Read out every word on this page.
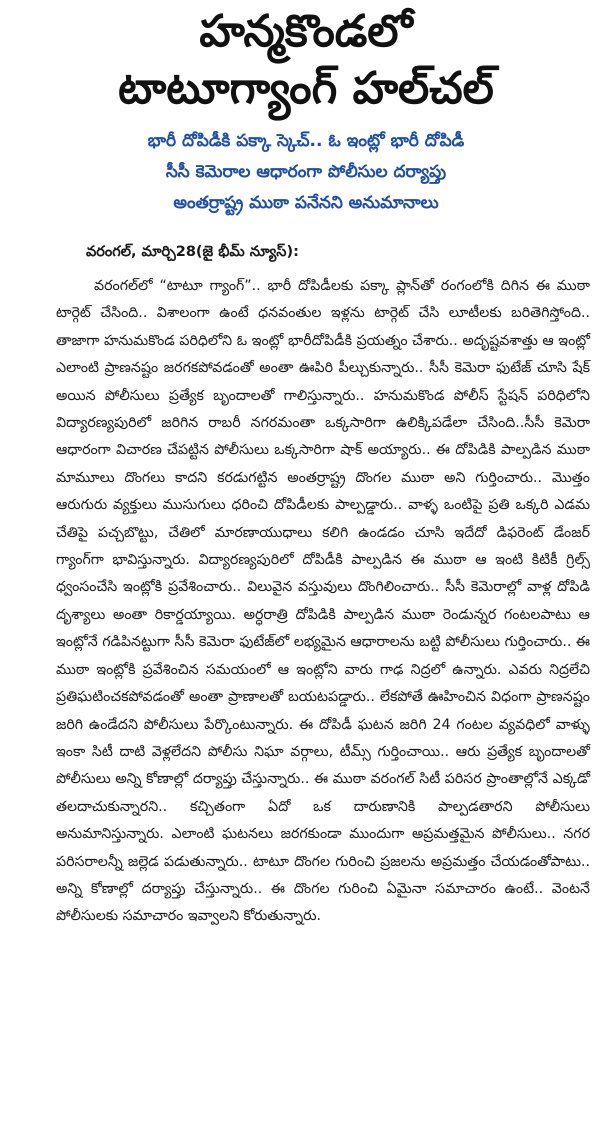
హన్మకొండలో
టాటూగ్యాంగ్ హల్‌చల్

భారీ దోపిడీకి పక్కా స్కెచ్.. ఓ ఇంట్లో భారీ దోపిడీ

సీసీ కెమెరాల ఆధారంగా పోలీసుల దర్యాప్తు

అంతర్రాష్ట్ర ముఠా పనేనని అనుమానాలు

వరంగల్, మార్చి28(జై భీమ్ న్యూస్):

వరంగల్‌లో “టాటూ గ్యాంగ్”.. భారీ దోపిడీలకు పక్కా ప్లాన్‌తో రంగంలోకి దిగిన ఈ ముఠా టార్గెట్ చేసింది.. విశాలంగా ఉంటే ధనవంతుల ఇళ్లను టార్గెట్ చేసి లూటీలకు బరితెగిస్తోంది.. తాజాగా హనుమకొండ పరిధిలోని ఓ ఇంట్లో భారీదోపిడీకి ప్రయత్నం చేశారు.. అదృష్టవశాత్తు ఆ ఇంట్లో ఎలాంటి ప్రాణనష్టం జరగకపోవడంతో అంతా ఊపిరి పీల్చుకున్నారు.. సీసీ కెమెరా ఫుటేజ్ చూసి షేక్ అయిన పోలీసులు ప్రత్యేక బృందాలతో గాలిస్తున్నారు.. హనుమకొండ పోలీస్ స్టేషన్ పరిధిలోని విద్యారణ్యపురిలో జరిగిన రాబరీ నగరమంతా ఒక్కసారిగా ఉలిక్కిపడేలా చేసింది..సీసీ కెమెరా ఆధారంగా విచారణ చేపట్టిన పోలీసులు ఒక్కసారిగా షాక్ అయ్యారు.. ఈ దోపిడికి పాల్పడిన ముఠా మామూలు దొంగలు కాదని కరడుగట్టిన అంతర్రాష్ట్ర దొంగల ముఠా అని గుర్తించారు.. మొత్తం ఆరుగురు వ్యక్తులు ముసుగులు ధరించి దోపిడీలకు పాల్పడ్డారు.. వాళ్ళ ఒంటిపై ప్రతి ఒక్కరి ఎడమ చేతిపై పచ్చబొట్టు, చేతిలో మారణాయుధాలు కలిగి ఉండడం చూసి ఇదేదో డిఫరెంట్ డేంజర్ గ్యాంగ్‌గా భావిస్తున్నారు. విద్యారణ్యపురిలో దోపిడీకి పాల్పడిన ఈ ముఠా ఆ ఇంటి కిటికీ గ్రిల్స్ ధ్వంసంచేసి ఇంట్లోకి ప్రవేశించారు.. విలువైన వస్తువులు దొంగిలించారు.. సీసీ కెమెరాల్లో వాళ్ల దోపిడి దృశ్యాలు అంతా రికార్డయ్యాయి. అర్ధరాత్రి దోపిడికి పాల్పడిన ముఠా రెండున్నర గంటలపాటు ఆ ఇంట్లోనే గడిపినట్టుగా సీసీ కెమెరా ఫుటేజ్‌లో లభ్యమైన ఆధారాలను బట్టి పోలీసులు గుర్తించారు.. ఈ ముఠా ఇంట్లోకి ప్రవేశించిన సమయంలో ఆ ఇంట్లోని వారు గాఢ నిద్రలో ఉన్నారు. ఎవరు నిద్రలేచి ప్రతిఘటించకపోవడంతో అంతా ప్రాణాలతో బయటపడ్డారు.. లేకపోతే ఊహించిన విధంగా ప్రాణనష్టం జరిగి ఉండేదని పోలీసులు పేర్కొంటున్నారు. ఈ దోపిడీ ఘటన జరిగి 24 గంటల వ్యవధిలో వాళ్ళు ఇంకా సిటీ దాటి వెళ్లలేదని పోలీసు నిఘా వర్గాలు, టీమ్స్ గుర్తించాయి.. ఆరు ప్రత్యేక బృందాలతో పోలీసులు అన్ని కోణాల్లో దర్యాప్తు చేస్తున్నారు.. ఈ ముఠా వరంగల్ సిటీ పరిసర ప్రాంతాల్లోనే ఎక్కడో తలదాచుకున్నారని.. కచ్చితంగా ఏదో ఒక దారుణానికి పాల్పడతారని పోలీసులు అనుమానిస్తున్నారు. ఎలాంటి ఘటనలు జరగకుండా ముందుగా అప్రమత్తమైన పోలీసులు.. నగర పరిసరాలన్నీ జల్లెడ పడుతున్నారు.. టాటూ దొంగల గురించి ప్రజలను అప్రమత్తం చేయడంతోపాటు.. అన్ని కోణాల్లో దర్యాప్తు చేస్తున్నారు.. ఈ దొంగల గురించి ఏమైనా సమాచారం ఉంటే.. వెంటనే పోలీసులకు సమాచారం ఇవ్వాలని కోరుతున్నారు.
